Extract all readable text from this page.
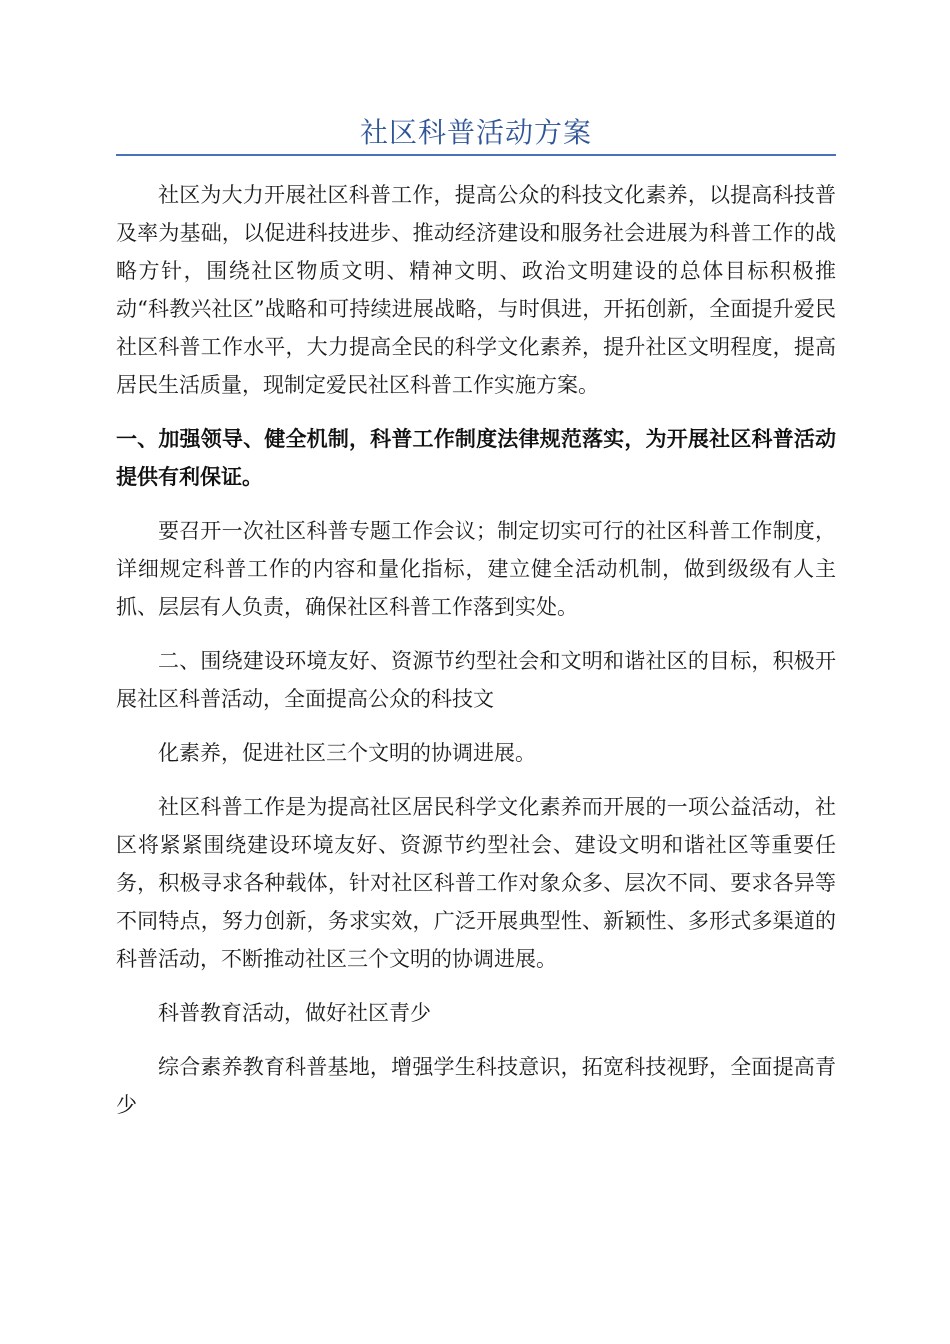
社区科普活动方案

社区为大力开展社区科普工作，提高公众的科技文化素养，以提高科技普及率为基础，以促进科技进步、推动经济建设和服务社会进展为科普工作的战略方针，围绕社区物质文明、精神文明、政治文明建设的总体目标积极推动“科教兴社区”战略和可持续进展战略，与时俱进，开拓创新，全面提升爱民社区科普工作水平，大力提高全民的科学文化素养，提升社区文明程度，提高居民生活质量，现制定爱民社区科普工作实施方案。

一、加强领导、健全机制，科普工作制度法律规范落实，为开展社区科普活动提供有利保证。

要召开一次社区科普专题工作会议；制定切实可行的社区科普工作制度，详细规定科普工作的内容和量化指标，建立健全活动机制，做到级级有人主抓、层层有人负责，确保社区科普工作落到实处。

二、围绕建设环境友好、资源节约型社会和文明和谐社区的目标，积极开展社区科普活动，全面提高公众的科技文

化素养，促进社区三个文明的协调进展。

社区科普工作是为提高社区居民科学文化素养而开展的一项公益活动，社区将紧紧围绕建设环境友好、资源节约型社会、建设文明和谐社区等重要任务，积极寻求各种载体，针对社区科普工作对象众多、层次不同、要求各异等不同特点，努力创新，务求实效，广泛开展典型性、新颖性、多形式多渠道的科普活动，不断推动社区三个文明的协调进展。

科普教育活动，做好社区青少

综合素养教育科普基地，增强学生科技意识，拓宽科技视野，全面提高青少
